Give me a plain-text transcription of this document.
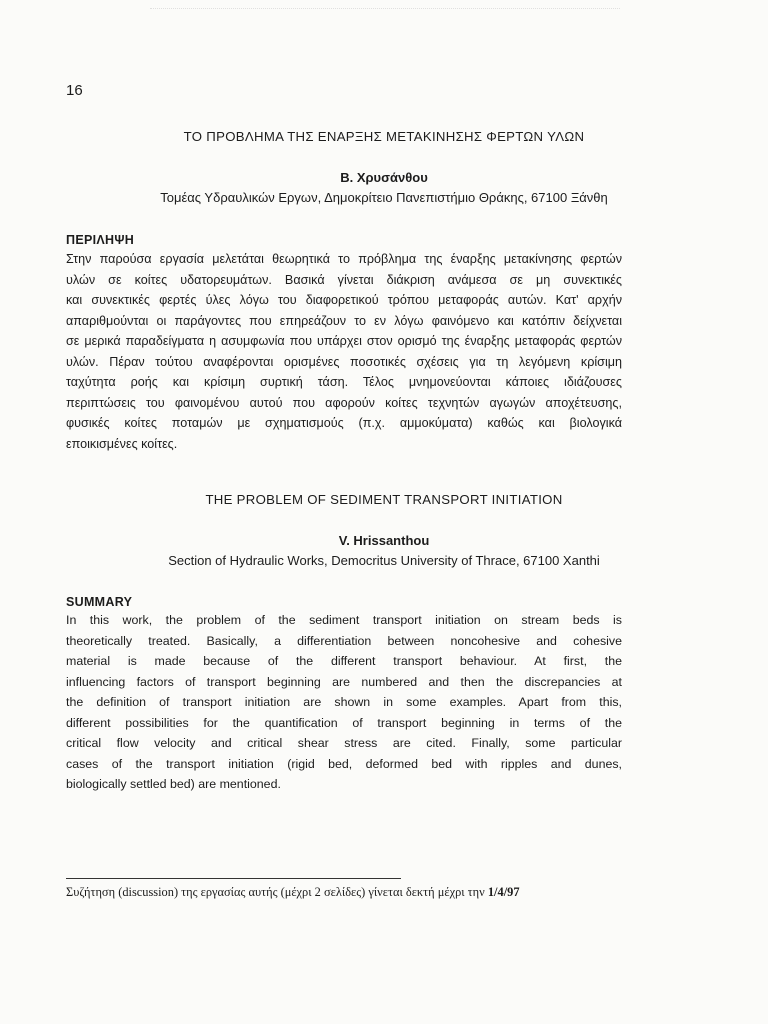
16
ΤΟ ΠΡΟΒΛΗΜΑ ΤΗΣ ΕΝΑΡΞΗΣ ΜΕΤΑΚΙΝΗΣΗΣ ΦΕΡΤΩΝ ΥΛΩΝ
Β. Χρυσάνθου
Τομέας Υδραυλικών Εργων, Δημοκρίτειο Πανεπιστήμιο Θράκης, 67100 Ξάνθη
ΠΕΡΙΛΗΨΗ
Στην παρούσα εργασία μελετάται θεωρητικά το πρόβλημα της έναρξης μετακίνησης φερτών
υλών σε κοίτες υδατορευμάτων. Βασικά γίνεται διάκριση ανάμεσα σε μη συνεκτικές
και συνεκτικές φερτές ύλες λόγω του διαφορετικού τρόπου μεταφοράς αυτών. Κατ' αρχήν
απαριθμούνται οι παράγοντες που επηρεάζουν το εν λόγω φαινόμενο και κατόπιν δείχνεται
σε μερικά παραδείγματα η ασυμφωνία που υπάρχει στον ορισμό της έναρξης μεταφοράς φερτών
υλών. Πέραν τούτου αναφέρονται ορισμένες ποσοτικές σχέσεις για τη λεγόμενη κρίσιμη
ταχύτητα ροής και κρίσιμη συρτική τάση. Τέλος μνημονεύονται κάποιες ιδιάζουσες
περιπτώσεις του φαινομένου αυτού που αφορούν κοίτες τεχνητών αγωγών αποχέτευσης,
φυσικές κοίτες ποταμών με σχηματισμούς (π.χ. αμμοκύματα) καθώς και βιολογικά
εποικισμένες κοίτες.
THE PROBLEM OF SEDIMENT TRANSPORT INITIATION
V. Hrissanthou
Section of Hydraulic Works, Democritus University of Thrace, 67100 Xanthi
SUMMARY
In this work, the problem of the sediment transport initiation on stream beds is
theoretically treated. Basically, a differentiation between noncohesive and cohesive
material is made because of the different transport behaviour. At first, the
influencing factors of transport beginning are numbered and then the discrepancies at
the definition of transport initiation are shown in some examples. Apart from this,
different possibilities for the quantification of transport beginning in terms of the
critical flow velocity and critical shear stress are cited. Finally, some particular
cases of the transport initiation (rigid bed, deformed bed with ripples and dunes,
biologically settled bed) are mentioned.
Συζήτηση (discussion) της εργασίας αυτής (μέχρι 2 σελίδες) γίνεται δεκτή μέχρι την 1/4/97
